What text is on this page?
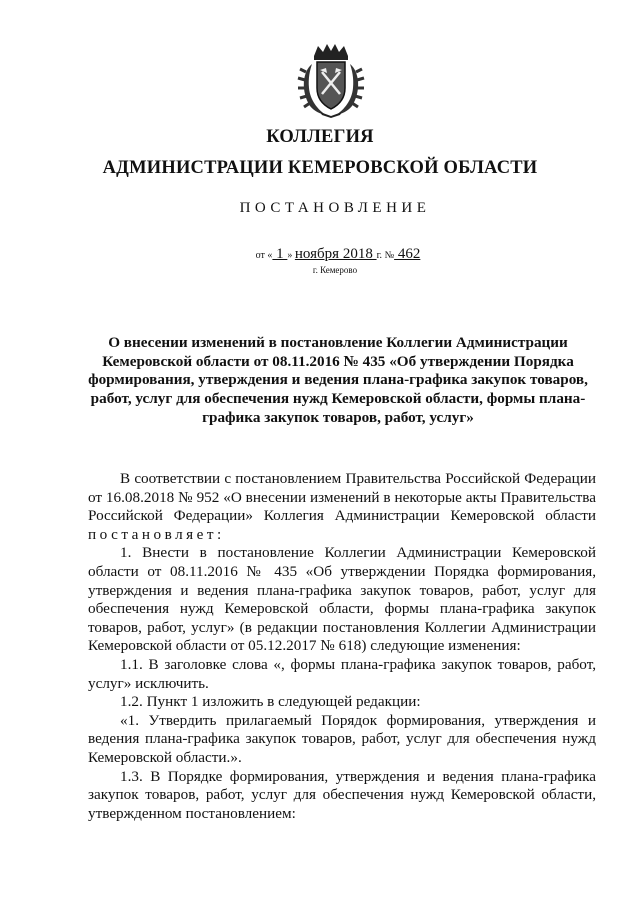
КОЛЛЕГИЯ
АДМИНИСТРАЦИИ КЕМЕРОВСКОЙ ОБЛАСТИ
ПОСТАНОВЛЕНИЕ
от « 1 » ноября 2018 г. № 462
г. Кемерово

О внесении изменений в постановление Коллегии Администрации Кемеровской области от 08.11.2016 № 435 «Об утверждении Порядка формирования, утверждения и ведения плана-графика закупок товаров, работ, услуг для обеспечения нужд Кемеровской области, формы плана-графика закупок товаров, работ, услуг»

В соответствии с постановлением Правительства Российской Федерации от 16.08.2018 № 952 «О внесении изменений в некоторые акты Правительства Российской Федерации» Коллегия Администрации Кемеровской области постановляет:

1. Внести в постановление Коллегии Администрации Кемеровской области от 08.11.2016 № 435 «Об утверждении Порядка формирования, утверждения и ведения плана-графика закупок товаров, работ, услуг для обеспечения нужд Кемеровской области, формы плана-графика закупок товаров, работ, услуг» (в редакции постановления Коллегии Администрации Кемеровской области от 05.12.2017 № 618) следующие изменения:

1.1. В заголовке слова «, формы плана-графика закупок товаров, работ, услуг» исключить.

1.2. Пункт 1 изложить в следующей редакции:

«1. Утвердить прилагаемый Порядок формирования, утверждения и ведения плана-графика закупок товаров, работ, услуг для обеспечения нужд Кемеровской области.».

1.3. В Порядке формирования, утверждения и ведения плана-графика закупок товаров, работ, услуг для обеспечения нужд Кемеровской области, утвержденном постановлением:
